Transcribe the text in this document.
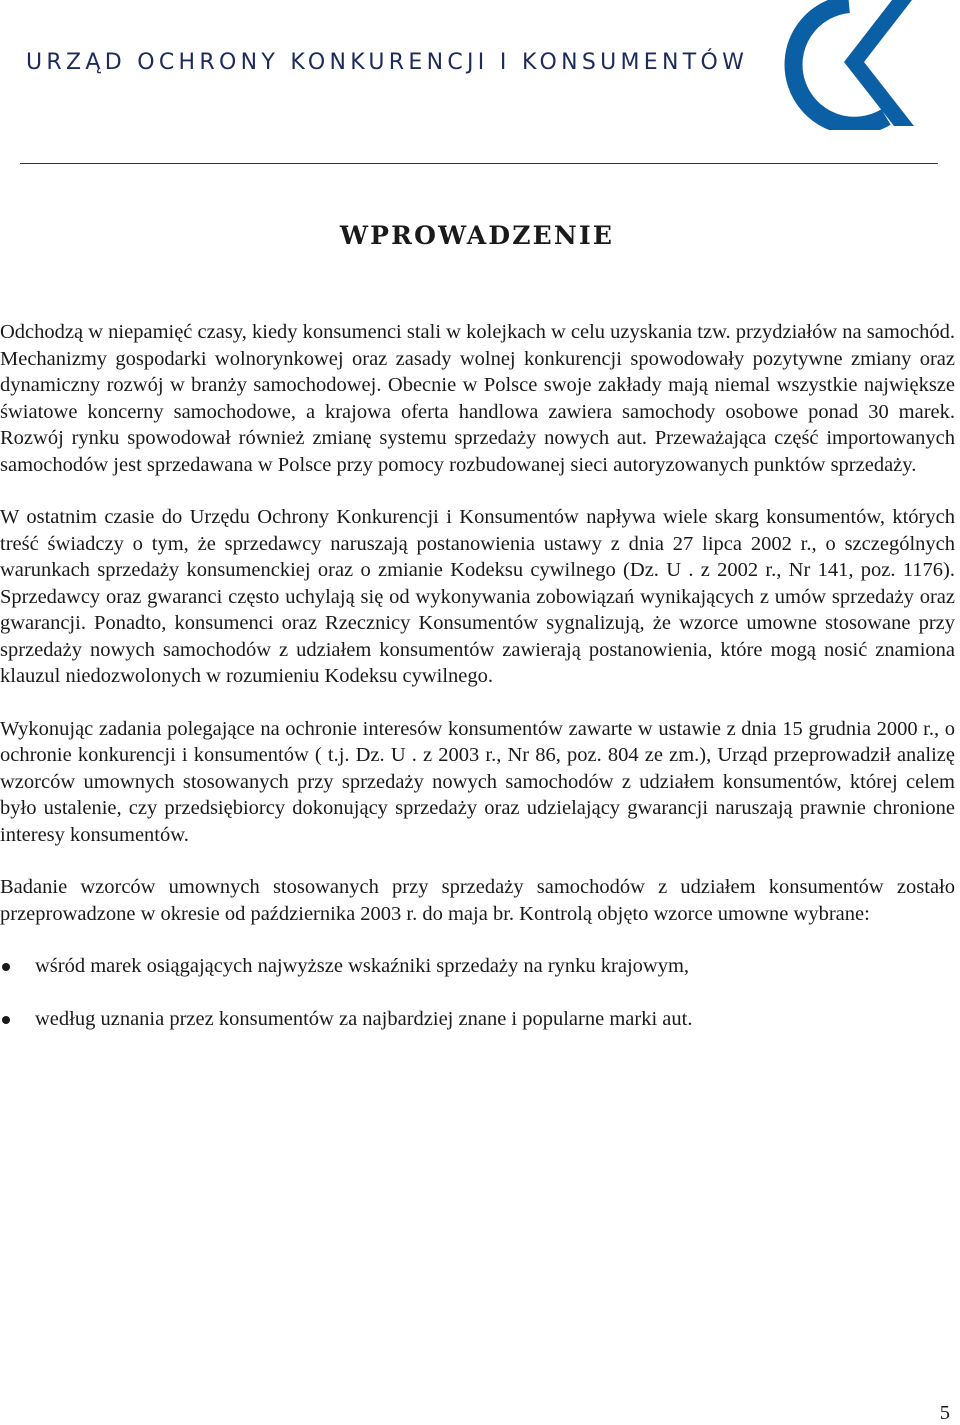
URZĄD OCHRONY KONKURENCJI I KONSUMENTÓW
WPROWADZENIE

Odchodzą w niepamięć czasy, kiedy konsumenci stali w kolejkach w celu uzyskania tzw. przydziałów na samochód. Mechanizmy gospodarki wolnorynkowej oraz zasady wolnej konkurencji spowodowały pozytywne zmiany oraz dynamiczny rozwój w branży samochodowej. Obecnie w Polsce swoje zakłady mają niemal wszystkie największe światowe koncerny samochodowe, a krajowa oferta handlowa zawiera samochody osobowe ponad 30 marek. Rozwój rynku spowodował również zmianę systemu sprzedaży nowych aut. Przeważająca część importowanych samochodów jest sprzedawana w Polsce przy pomocy rozbudowanej sieci autoryzowanych punktów sprzedaży.

W ostatnim czasie do Urzędu Ochrony Konkurencji i Konsumentów napływa wiele skarg konsumentów, których treść świadczy o tym, że sprzedawcy naruszają postanowienia ustawy z dnia 27 lipca 2002 r., o szczególnych warunkach sprzedaży konsumenckiej oraz o zmianie Kodeksu cywilnego (Dz. U . z 2002 r., Nr 141, poz. 1176). Sprzedawcy oraz gwaranci często uchylają się od wykonywania zobowiązań wynikających z umów sprzedaży oraz gwarancji. Ponadto, konsumenci oraz Rzecznicy Konsumentów sygnalizują, że wzorce umowne stosowane przy sprzedaży nowych samochodów z udziałem konsumentów zawierają postanowienia, które mogą nosić znamiona klauzul niedozwolonych w rozumieniu Kodeksu cywilnego.

Wykonując zadania polegające na ochronie interesów konsumentów zawarte w ustawie z dnia 15 grudnia 2000 r., o ochronie konkurencji i konsumentów ( t.j. Dz. U . z 2003 r., Nr 86, poz. 804 ze zm.), Urząd przeprowadził analizę wzorców umownych stosowanych przy sprzedaży nowych samochodów z udziałem konsumentów, której celem było ustalenie, czy przedsiębiorcy dokonujący sprzedaży oraz udzielający gwarancji naruszają prawnie chronione interesy konsumentów.

Badanie wzorców umownych stosowanych przy sprzedaży samochodów z udziałem konsumentów zostało przeprowadzone w okresie od października 2003 r. do maja br. Kontrolą objęto wzorce umowne wybrane:

wśród marek osiągających najwyższe wskaźniki sprzedaży na rynku krajowym,
według uznania przez konsumentów za najbardziej znane i popularne marki aut.
5
